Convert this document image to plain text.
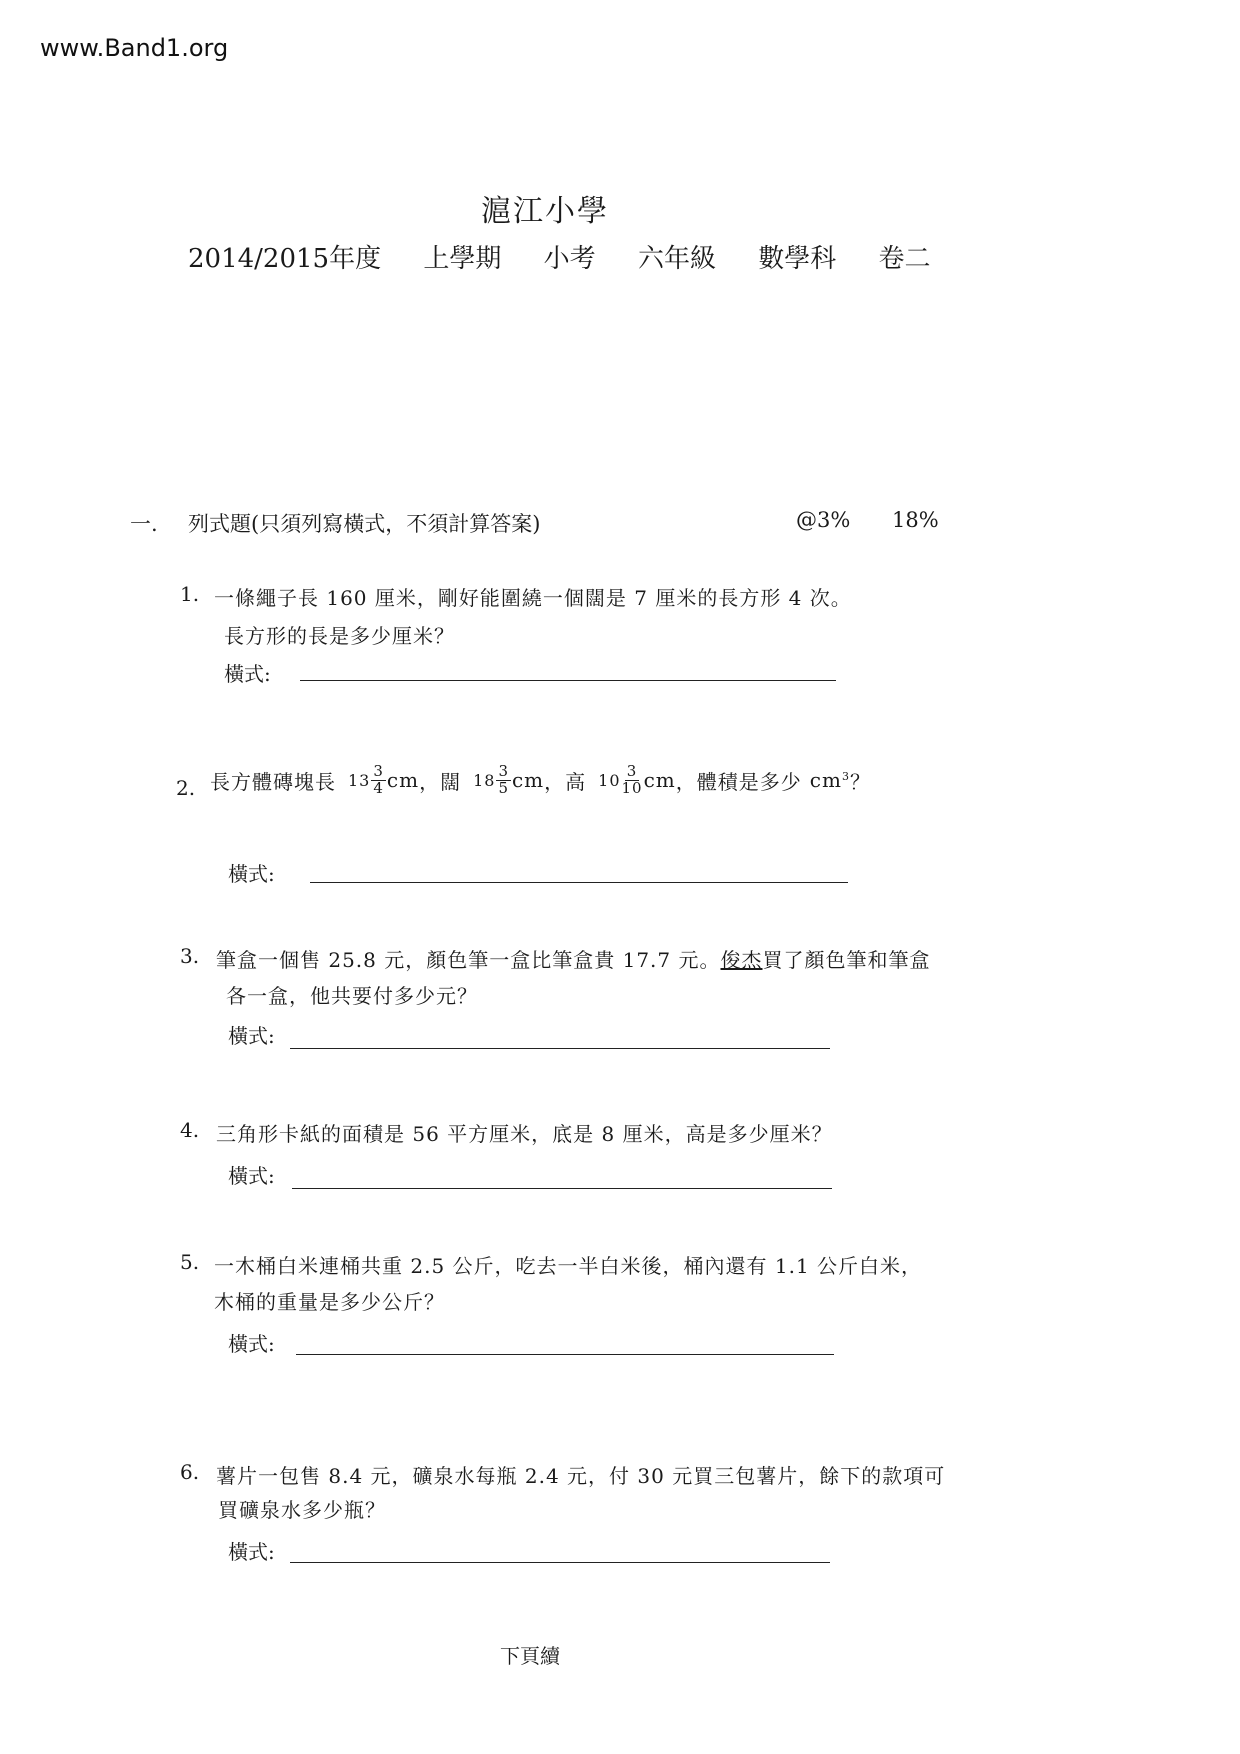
www.Band1.org
滬江小學
2014/2015年度 上學期 小考 六年級 數學科 卷二
一. 列式題(只須列寫橫式，不須計算答案)	@3% 18%
1. 一條繩子長 160 厘米，剛好能圍繞一個闊是 7 厘米的長方形 4 次。
長方形的長是多少厘米？
橫式:
2. 長方體磚塊長 $13 \frac{3}{4}$ cm ，闊 $18 \frac{3}{5}$ cm ，高 $10 \frac{3}{10}$ cm ，體積是多少 cm 3 ？
橫式:
3. 筆盒一個售 25.8 元，顏色筆一盒比筆盒貴 17.7 元。俊杰買了顏色筆和筆盒
各一盒，他共要付多少元？
橫式:
4. 三角形卡紙的面積是 56 平方厘米，底是 8 厘米，高是多少厘米？
橫式:
5. 一木桶白米連桶共重 2.5 公斤，吃去一半白米後，桶內還有 1.1 公斤白米，
木桶的重量是多少公斤？
橫式:
6. 薯片一包售 8.4 元，礦泉水每瓶 2.4 元，付 30 元買三包薯片，餘下的款項可
買礦泉水多少瓶？
橫式:
下頁續
